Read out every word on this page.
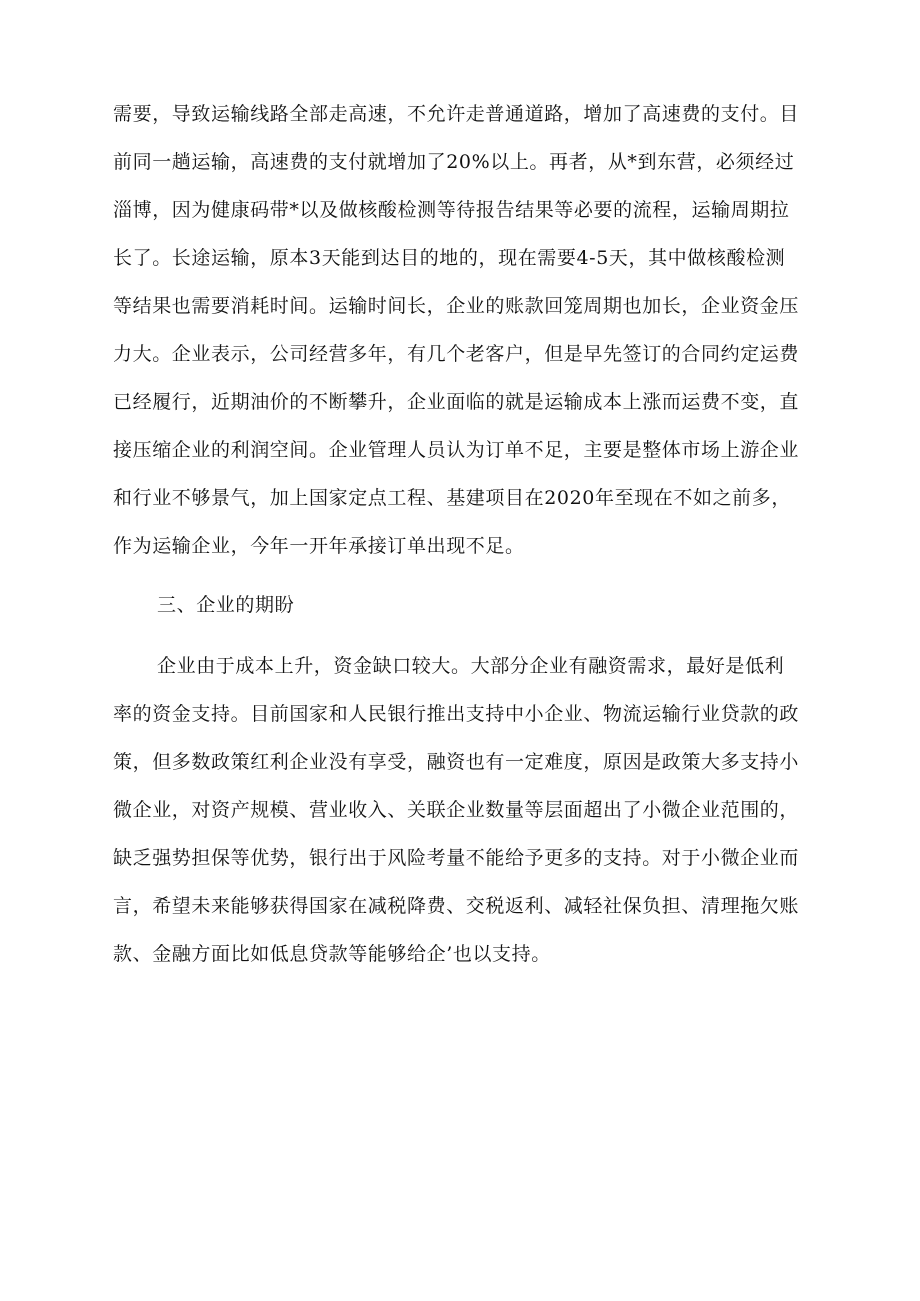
需要，导致运输线路全部走高速，不允许走普通道路，增加了高速费的支付。目
前同一趟运输，高速费的支付就增加了20%以上。再者，从*到东营，必须经过
淄博，因为健康码带*以及做核酸检测等待报告结果等必要的流程，运输周期拉
长了。长途运输，原本3天能到达目的地的，现在需要4-5天，其中做核酸检测
等结果也需要消耗时间。运输时间长，企业的账款回笼周期也加长，企业资金压
力大。企业表示，公司经营多年，有几个老客户，但是早先签订的合同约定运费
已经履行，近期油价的不断攀升，企业面临的就是运输成本上涨而运费不变，直
接压缩企业的利润空间。企业管理人员认为订单不足，主要是整体市场上游企业
和行业不够景气，加上国家定点工程、基建项目在2020年至现在不如之前多，
作为运输企业，今年一开年承接订单出现不足。
三、企业的期盼
企业由于成本上升，资金缺口较大。大部分企业有融资需求，最好是低利
率的资金支持。目前国家和人民银行推出支持中小企业、物流运输行业贷款的政
策，但多数政策红利企业没有享受，融资也有一定难度，原因是政策大多支持小
微企业，对资产规模、营业收入、关联企业数量等层面超出了小微企业范围的，
缺乏强势担保等优势，银行出于风险考量不能给予更多的支持。对于小微企业而
言，希望未来能够获得国家在减税降费、交税返利、减轻社保负担、清理拖欠账
款、金融方面比如低息贷款等能够给企’也以支持。
